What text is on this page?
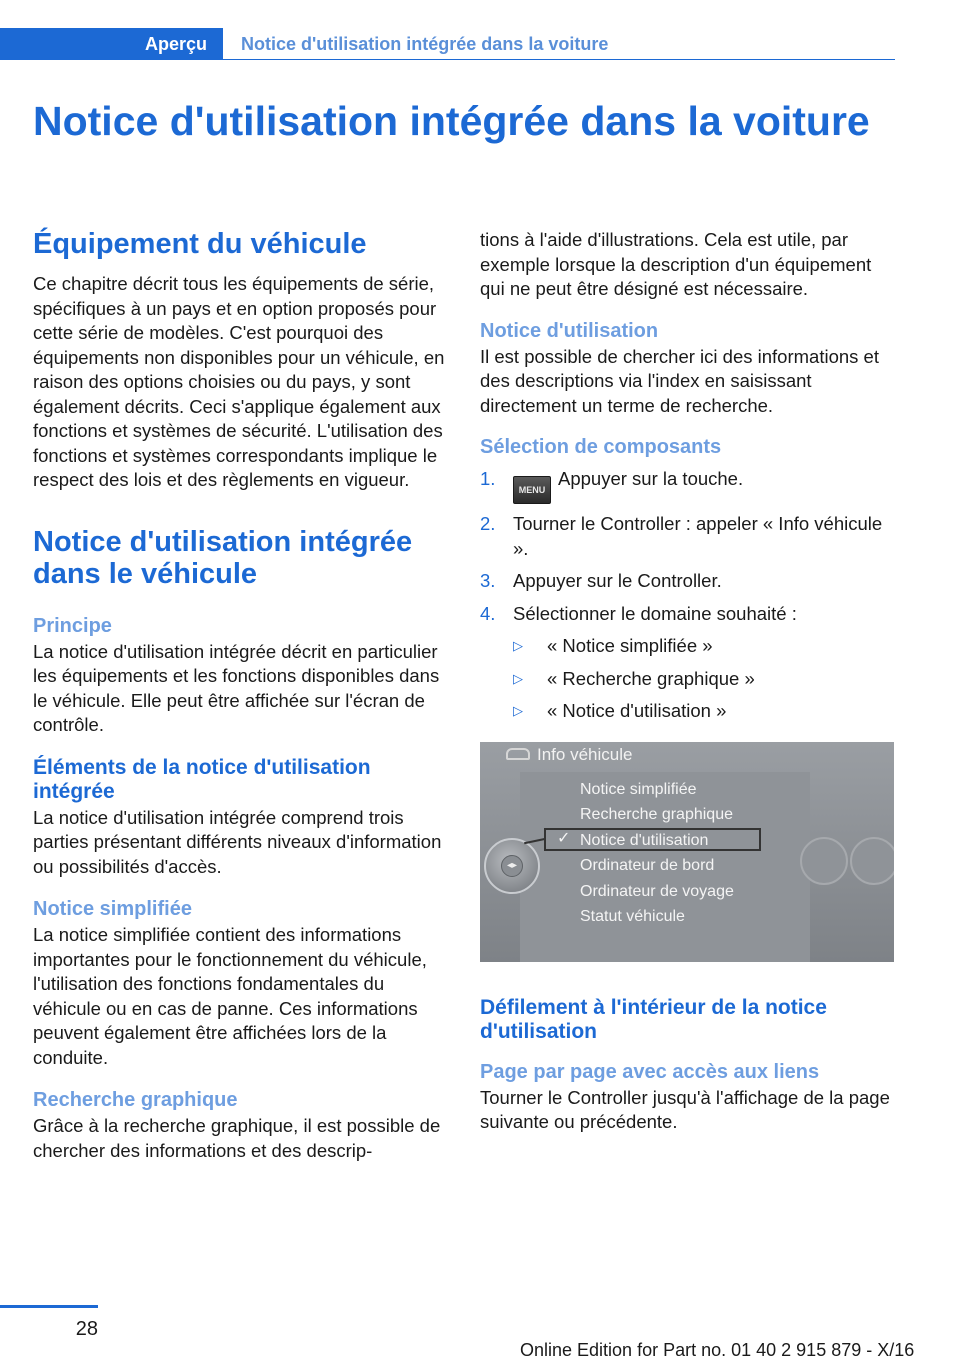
Aperçu	Notice d'utilisation intégrée dans la voiture
Notice d'utilisation intégrée dans la voiture
Équipement du véhicule
Ce chapitre décrit tous les équipements de série, spécifiques à un pays et en option proposés pour cette série de modèles. C'est pourquoi des équipements non disponibles pour un véhicule, en raison des options choisies ou du pays, y sont également décrits. Ceci s'applique également aux fonctions et systèmes de sécurité. L'utilisation des fonctions et systèmes correspondants implique le respect des lois et des règlements en vigueur.
Notice d'utilisation intégrée dans le véhicule
Principe
La notice d'utilisation intégrée décrit en particulier les équipements et les fonctions disponibles dans le véhicule. Elle peut être affichée sur l'écran de contrôle.
Éléments de la notice d'utilisation intégrée
La notice d'utilisation intégrée comprend trois parties présentant différents niveaux d'information ou possibilités d'accès.
Notice simplifiée
La notice simplifiée contient des informations importantes pour le fonctionnement du véhicule, l'utilisation des fonctions fondamentales du véhicule ou en cas de panne. Ces informations peuvent également être affichées lors de la conduite.
Recherche graphique
Grâce à la recherche graphique, il est possible de chercher des informations et des descrip-
tions à l'aide d'illustrations. Cela est utile, par exemple lorsque la description d'un équipement qui ne peut être désigné est nécessaire.
Notice d'utilisation
Il est possible de chercher ici des informations et des descriptions via l'index en saisissant directement un terme de recherche.
Sélection de composants
1.
MENUAppuyer sur la touche.
2. Tourner le Controller : appeler « Info véhicule ».
3. Appuyer sur le Controller.
4. Sélectionner le domaine souhaité :
▷ « Notice simplifiée »
▷ « Recherche graphique »
▷ « Notice d'utilisation »
Info véhicule
◂▸
✓
Notice simplifiée
Recherche graphique
Notice d'utilisation
Ordinateur de bord
Ordinateur de voyage
Statut véhicule
Défilement à l'intérieur de la notice d'utilisation
Page par page avec accès aux liens
Tourner le Controller jusqu'à l'affichage de la page suivante ou précédente.
28
Online Edition for Part no. 01 40 2 915 879 - X/16
